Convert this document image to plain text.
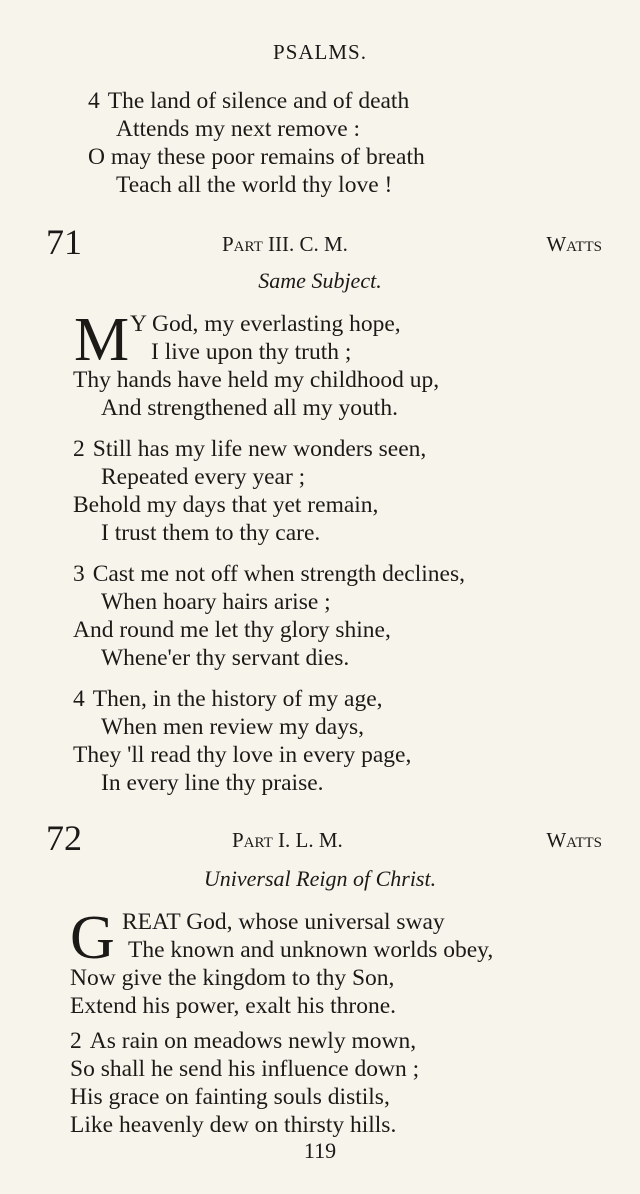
PSALMS.
4 The land of silence and of death
Attends my next remove :
O may these poor remains of breath
Teach all the world thy love !
71	Part III. C. M.	Watts
Same Subject.
M Y God, my everlasting hope,
I live upon thy truth ;
Thy hands have held my childhood up,
And strengthened all my youth.
2 Still has my life new wonders seen,
Repeated every year ;
Behold my days that yet remain,
I trust them to thy care.
3 Cast me not off when strength declines,
When hoary hairs arise ;
And round me let thy glory shine,
Whene'er thy servant dies.
4 Then, in the history of my age,
When men review my days,
They 'll read thy love in every page,
In every line thy praise.
72	Part I. L. M.	Watts
Universal Reign of Christ.
G REAT God, whose universal sway
The known and unknown worlds obey,
Now give the kingdom to thy Son,
Extend his power, exalt his throne.
2 As rain on meadows newly mown,
So shall he send his influence down ;
His grace on fainting souls distils,
Like heavenly dew on thirsty hills.
119
